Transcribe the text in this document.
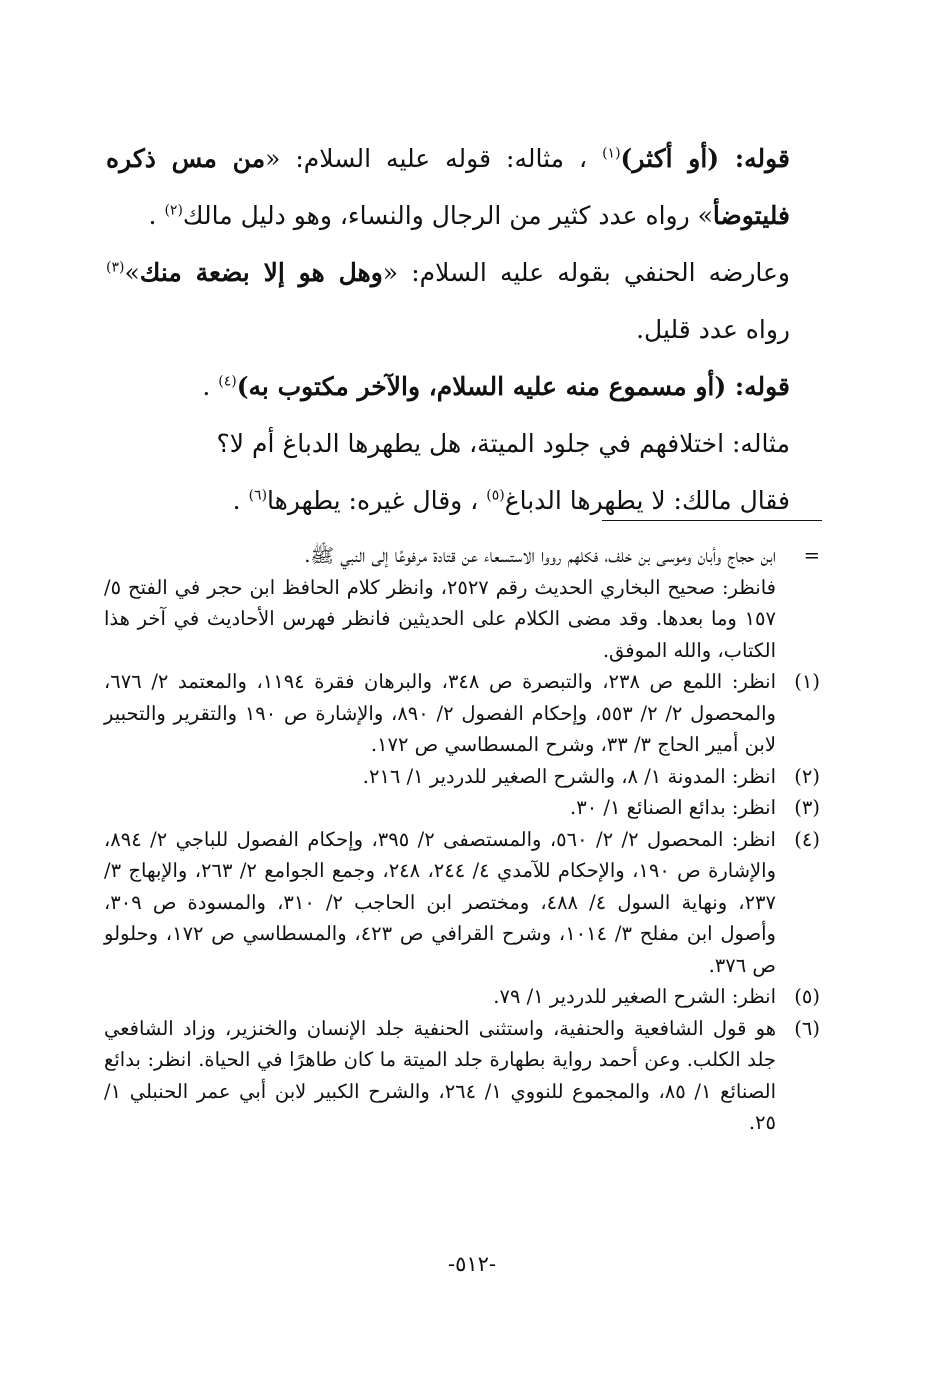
قوله: (أو أكثر)$^{(١)}$ ، مثاله: قوله عليه السلام: «من مس ذكره فليتوضأ» رواه عدد كثير من الرجال والنساء، وهو دليل مالك$^{(٢)}$ .

وعارضه الحنفي بقوله عليه السلام: «وهل هو إلا بضعة منك»$^{(٣)}$ رواه عدد قليل.

قوله: (أو مسموع منه عليه السلام، والآخر مكتوب به)$^{(٤)}$ .

مثاله: اختلافهم في جلود الميتة، هل يطهرها الدباغ أم لا؟

فقال مالك: لا يطهرها الدباغ$^{(٥)}$ ، وقال غيره: يطهرها$^{(٦)}$ .

=
ابن حجاج وأبان وموسى بن خلف، فكلهم رووا الاستسعاء عن قتادة مرفوعًا إلى النبي ﷺ.

فانظر: صحيح البخاري الحديث رقم ٢٥٢٧، وانظر كلام الحافظ ابن حجر في الفتح ٥/ ١٥٧ وما بعدها. وقد مضى الكلام على الحديثين فانظر فهرس الأحاديث في آخر هذا الكتاب، والله الموفق.

(١)
انظر: اللمع ص ٢٣٨، والتبصرة ص ٣٤٨، والبرهان فقرة ١١٩٤، والمعتمد ٢/ ٦٧٦، والمحصول ٢/ ٢/ ٥٥٣، وإحكام الفصول ٢/ ٨٩٠، والإشارة ص ١٩٠ والتقرير والتحبير لابن أمير الحاج ٣/ ٣٣، وشرح المسطاسي ص ١٧٢.

(٢)
انظر: المدونة ١/ ٨، والشرح الصغير للدردير ١/ ٢١٦.

(٣)
انظر: بدائع الصنائع ١/ ٣٠.

(٤)
انظر: المحصول ٢/ ٢/ ٥٦٠، والمستصفى ٢/ ٣٩٥، وإحكام الفصول للباجي ٢/ ٨٩٤، والإشارة ص ١٩٠، والإحكام للآمدي ٤/ ٢٤٤، ٢٤٨، وجمع الجوامع ٢/ ٢٦٣، والإبهاج ٣/ ٢٣٧، ونهاية السول ٤/ ٤٨٨، ومختصر ابن الحاجب ٢/ ٣١٠، والمسودة ص ٣٠٩، وأصول ابن مفلح ٣/ ١٠١٤، وشرح القرافي ص ٤٢٣، والمسطاسي ص ١٧٢، وحلولو ص ٣٧٦.

(٥)
انظر: الشرح الصغير للدردير ١/ ٧٩.

(٦)
هو قول الشافعية والحنفية، واستثنى الحنفية جلد الإنسان والخنزير، وزاد الشافعي جلد الكلب. وعن أحمد رواية بطهارة جلد الميتة ما كان طاهرًا في الحياة. انظر: بدائع الصنائع ١/ ٨٥، والمجموع للنووي ١/ ٢٦٤، والشرح الكبير لابن أبي عمر الحنبلي ١/ ٢٥.

-٥١٢-
